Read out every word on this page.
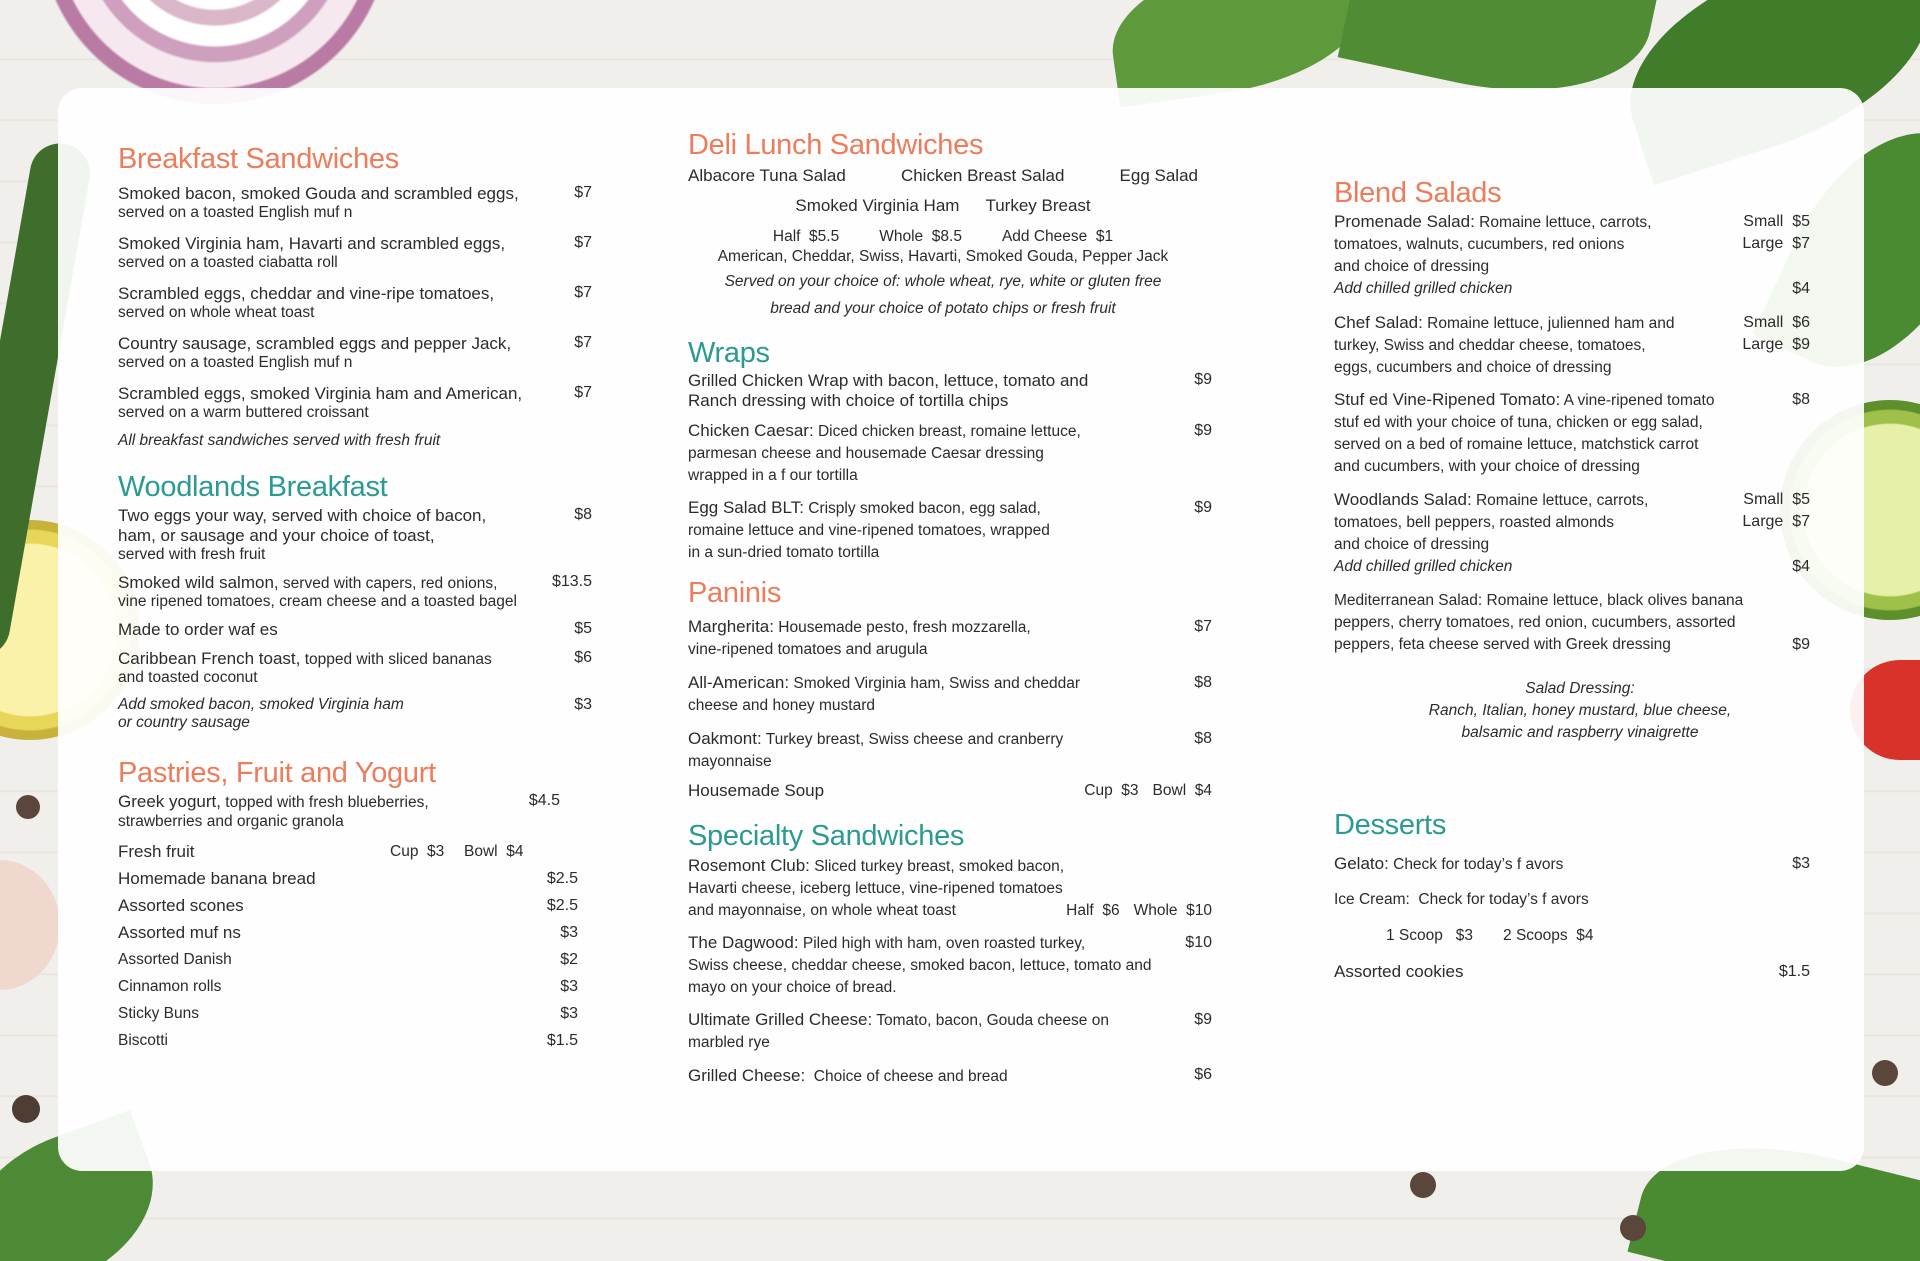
Breakfast Sandwiches
Smoked bacon, smoked Gouda and scrambled eggs,
served on a toasted English muf n
$7
Smoked Virginia ham, Havarti and scrambled eggs,
served on a toasted ciabatta roll
$7
Scrambled eggs, cheddar and vine-ripe tomatoes,
served on whole wheat toast
$7
Country sausage, scrambled eggs and pepper Jack,
served on a toasted English muf n
$7
Scrambled eggs, smoked Virginia ham and American,
served on a warm buttered croissant
$7
All breakfast sandwiches served with fresh fruit
Woodlands Breakfast
Two eggs your way, served with choice of bacon,
ham, or sausage and your choice of toast,
served with fresh fruit
$8
Smoked wild salmon, served with capers, red onions,
vine ripened tomatoes, cream cheese and a toasted bagel
$13.5
Made to order waf es	$5
Caribbean French toast, topped with sliced bananas
and toasted coconut
$6
Add smoked bacon, smoked Virginia ham
or country sausage
$3
Pastries, Fruit and Yogurt
Greek yogurt, topped with fresh blueberries,
strawberries and organic granola
$4.5
Fresh fruit	Cup  $3	Bowl  $4
Homemade banana bread	$2.5
Assorted scones	$2.5
Assorted muf ns	$3
Assorted Danish	$2
Cinnamon rolls	$3
Sticky Buns	$3
Biscotti	$1.5
Deli Lunch Sandwiches
Albacore Tuna Salad	Chicken Breast Salad	Egg Salad
Smoked Virginia Ham Turkey Breast
Half  $5.5	Whole  $8.5	Add Cheese  $1
American, Cheddar, Swiss, Havarti, Smoked Gouda, Pepper Jack
Served on your choice of: whole wheat, rye, white or gluten free
bread and your choice of potato chips or fresh fruit
Wraps
Grilled Chicken Wrap with bacon, lettuce, tomato and
Ranch dressing with choice of tortilla chips
$9
Chicken Caesar: Diced chicken breast, romaine lettuce,
parmesan cheese and housemade Caesar dressing
wrapped in a f our tortilla
$9
Egg Salad BLT: Crisply smoked bacon, egg salad,
romaine lettuce and vine-ripened tomatoes, wrapped
in a sun-dried tomato tortilla
$9
Paninis
Margherita: Housemade pesto, fresh mozzarella,
vine-ripened tomatoes and arugula
$7
All-American: Smoked Virginia ham, Swiss and cheddar
cheese and honey mustard
$8
Oakmont: Turkey breast, Swiss cheese and cranberry
mayonnaise
$8
Housemade Soup	Cup  $3 Bowl  $4
Specialty Sandwiches
Rosemont Club: Sliced turkey breast, smoked bacon,
Havarti cheese, iceberg lettuce, vine-ripened tomatoes
and mayonnaise, on whole wheat toast	Half  $6 Whole  $10
The Dagwood: Piled high with ham, oven roasted turkey,
Swiss cheese, cheddar cheese, smoked bacon, lettuce, tomato and
mayo on your choice of bread.
$10
Ultimate Grilled Cheese: Tomato, bacon, Gouda cheese on
marbled rye
$9
Grilled Cheese:  Choice of cheese and bread	$6
Blend Salads
Promenade Salad: Romaine lettuce, carrots,
tomatoes, walnuts, cucumbers, red onions
and choice of dressing
Small  $5
Large  $7
Add chilled grilled chicken	$4
Chef Salad: Romaine lettuce, julienned ham and
turkey, Swiss and cheddar cheese, tomatoes,
eggs, cucumbers and choice of dressing
Small  $6
Large  $9
Stuf ed Vine-Ripened Tomato: A vine-ripened tomato
stuf ed with your choice of tuna, chicken or egg salad,
served on a bed of romaine lettuce, matchstick carrot
and cucumbers, with your choice of dressing
$8
Woodlands Salad: Romaine lettuce, carrots,
tomatoes, bell peppers, roasted almonds
and choice of dressing
Small  $5
Large  $7
Add chilled grilled chicken	$4
Mediterranean Salad: Romaine lettuce, black olives banana
peppers, cherry tomatoes, red onion, cucumbers, assorted
peppers, feta cheese served with Greek dressing	$9
Salad Dressing:
Ranch, Italian, honey mustard, blue cheese,
balsamic and raspberry vinaigrette
Desserts
Gelato: Check for today’s f avors	$3
Ice Cream:  Check for today’s f avors
1 Scoop   $3 2 Scoops  $4
Assorted cookies	$1.5
